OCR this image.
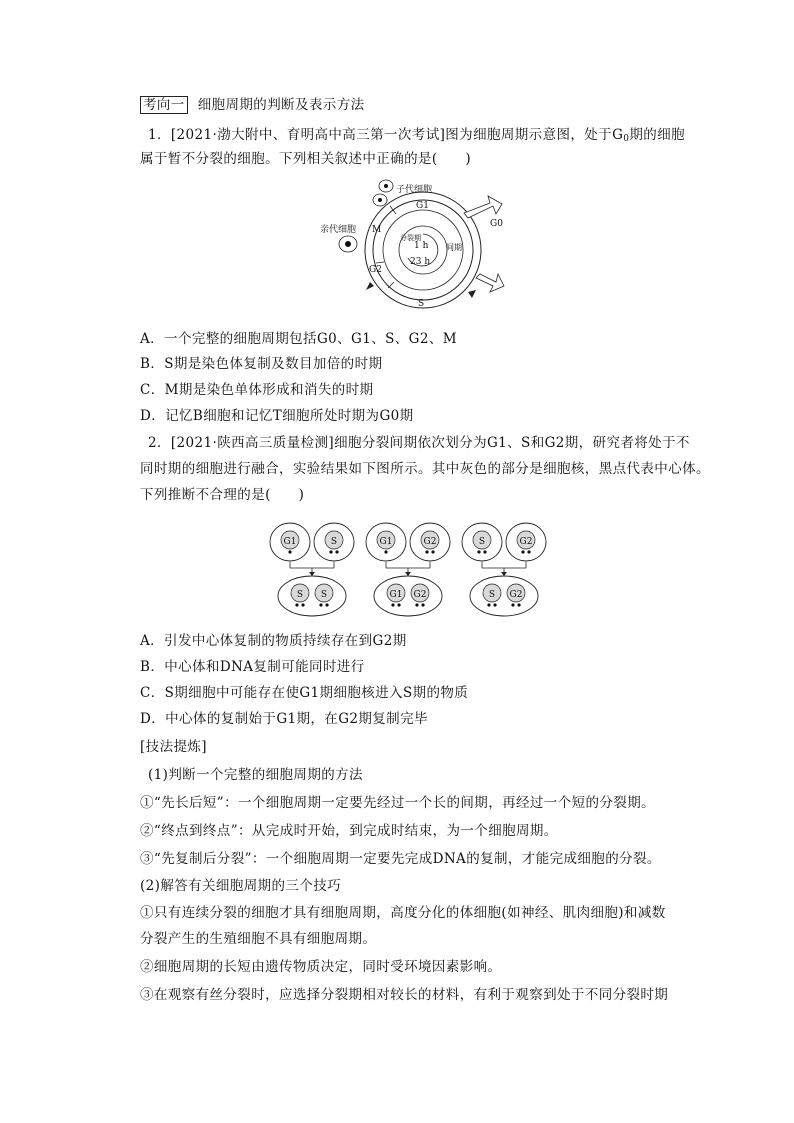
考向一 细胞周期的判断及表示方法
1．[2021·渤大附中、育明高中高三第一次考试]图为细胞周期示意图，处于$G_0$期的细胞
属于暂不分裂的细胞。下列相关叙述中正确的是(　　)
子代细胞
亲代细胞
G1
G0
G2
M
S
分裂期
间期
1 h
23 h
A．一个完整的细胞周期包括G0、G1、S、G2、M
B．S期是染色体复制及数目加倍的时期
C．M期是染色单体形成和消失的时期
D．记忆B细胞和记忆T细胞所处时期为G0期
2．[2021·陕西高三质量检测]细胞分裂间期依次划分为G1、S和G2期，研究者将处于不
同时期的细胞进行融合，实验结果如下图所示。其中灰色的部分是细胞核，黑点代表中心体。
下列推断不合理的是(　　)
G1	S
S S
G1	G2
G1 G2
S	G2
S G2
A．引发中心体复制的物质持续存在到G2期
B．中心体和DNA复制可能同时进行
C．S期细胞中可能存在使G1期细胞核进入S期的物质
D．中心体的复制始于G1期，在G2期复制完毕
[技法提炼]
(1)判断一个完整的细胞周期的方法
①“先长后短”：一个细胞周期一定要先经过一个长的间期，再经过一个短的分裂期。
②“终点到终点”：从完成时开始，到完成时结束，为一个细胞周期。
③“先复制后分裂”：一个细胞周期一定要先完成DNA的复制，才能完成细胞的分裂。
(2)解答有关细胞周期的三个技巧
①只有连续分裂的细胞才具有细胞周期，高度分化的体细胞(如神经、肌肉细胞)和减数
分裂产生的生殖细胞不具有细胞周期。
②细胞周期的长短由遗传物质决定，同时受环境因素影响。
③在观察有丝分裂时，应选择分裂期相对较长的材料，有利于观察到处于不同分裂时期
